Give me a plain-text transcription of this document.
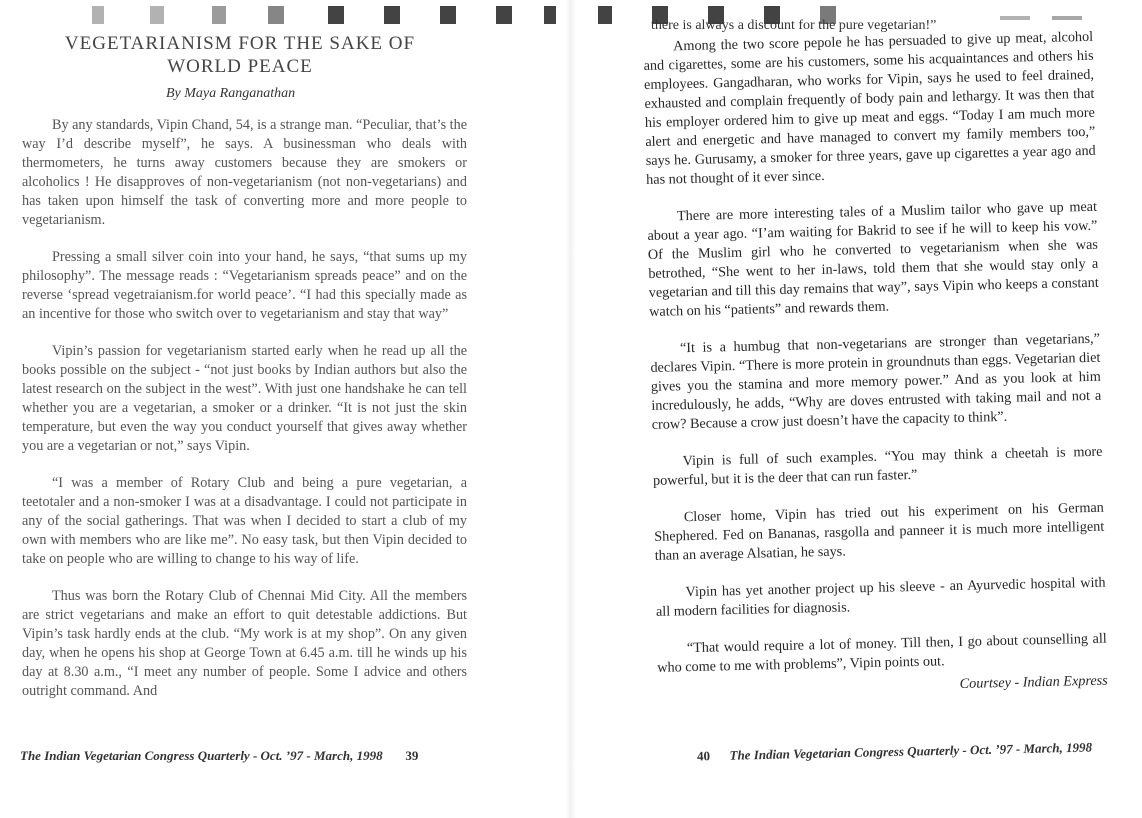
VEGETARIANISM FOR THE SAKE OF
WORLD PEACE
By Maya Ranganathan

By any standards, Vipin Chand, 54, is a strange man. “Peculiar, that’s the way I’d describe myself”, he says. A businessman who deals with thermometers, he turns away customers because they are smokers or alcoholics ! He disapproves of non-vegetarianism (not non-vegetarians) and has taken upon himself the task of converting more and more people to vegetarianism.

Pressing a small silver coin into your hand, he says, “that sums up my philosophy”. The message reads : “Vegetarianism spreads peace” and on the reverse ‘spread vegetraianism.for world peace’. “I had this specially made as an incentive for those who switch over to vegetarianism and stay that way”

Vipin’s passion for vegetarianism started early when he read up all the books possible on the subject - “not just books by Indian authors but also the latest research on the subject in the west”. With just one handshake he can tell whether you are a vegetarian, a smoker or a drinker. “It is not just the skin temperature, but even the way you conduct yourself that gives away whether you are a vegetarian or not,” says Vipin.

“I was a member of Rotary Club and being a pure vegetarian, a teetotaler and a non-smoker I was at a disadvantage. I could not participate in any of the social gatherings. That was when I decided to start a club of my own with members who are like me”. No easy task, but then Vipin decided to take on people who are willing to change to his way of life.

Thus was born the Rotary Club of Chennai Mid City. All the members are strict vegetarians and make an effort to quit detestable addictions. But Vipin’s task hardly ends at the club. “My work is at my shop”. On any given day, when he opens his shop at George Town at 6.45 a.m. till he winds up his day at 8.30 a.m., “I meet any number of people. Some I advice and others outright command. And

The Indian Vegetarian Congress Quarterly - Oct. ’97 - March, 1998 39
there is always a discount for the pure vegetarian!”

Among the two score pepole he has persuaded to give up meat, alcohol and cigarettes, some are his customers, some his acquaintances and others his employees. Gangadharan, who works for Vipin, says he used to feel drained, exhausted and complain frequently of body pain and lethargy. It was then that his employer ordered him to give up meat and eggs. “Today I am much more alert and energetic and have managed to convert my family members too,” says he. Gurusamy, a smoker for three years, gave up cigarettes a year ago and has not thought of it ever since.

There are more interesting tales of a Muslim tailor who gave up meat about a year ago. “I’am waiting for Bakrid to see if he will to keep his vow.” Of the Muslim girl who he converted to vegetarianism when she was betrothed, “She went to her in-laws, told them that she would stay only a vegetarian and till this day remains that way”, says Vipin who keeps a constant watch on his “patients” and rewards them.

“It is a humbug that non-vegetarians are stronger than vegetarians,” declares Vipin. “There is more protein in groundnuts than eggs. Vegetarian diet gives you the stamina and more memory power.” And as you look at him incredulously, he adds, “Why are doves entrusted with taking mail and not a crow? Because a crow just doesn’t have the capacity to think”.

Vipin is full of such examples. “You may think a cheetah is more powerful, but it is the deer that can run faster.”

Closer home, Vipin has tried out his experiment on his German Shephered. Fed on Bananas, rasgolla and panneer it is much more intelligent than an average Alsatian, he says.

Vipin has yet another project up his sleeve - an Ayurvedic hospital with all modern facilities for diagnosis.

“That would require a lot of money. Till then, I go about counselling all who come to me with problems”, Vipin points out.

Courtsey - Indian Express

40 The Indian Vegetarian Congress Quarterly - Oct. ’97 - March, 1998
